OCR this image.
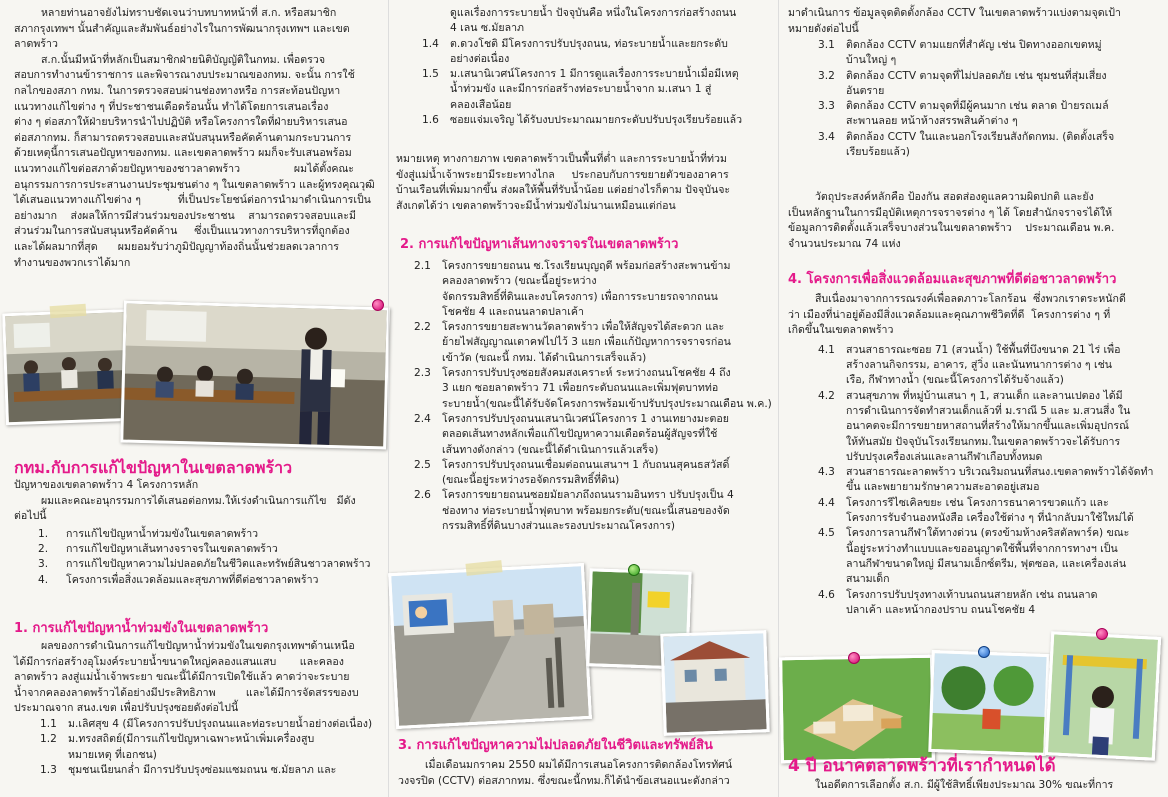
หลายท่านอาจยังไม่ทราบชัดเจนว่าบทบาทหน้าที่ ส.ก. หรือสมาชิก

สภากรุงเทพฯ นั้นสำคัญและสัมพันธ์อย่างไรในการพัฒนากรุงเทพฯ และเขต

ลาดพร้าว

ส.ก.นั้นมีหน้าที่หลักเป็นสมาชิกฝ่ายนิติบัญญัติในกทม. เพื่อตรวจ

สอบการทำงานข้าราชการ และพิจารณางบประมาณของกทม. จะนั้น การใช้

กลไกของสภา กทม. ในการตรวจสอบผ่านช่องทางหรือ การสะท้อนปัญหา

แนวทางแก้ไขต่าง ๆ ที่ประชาชนเดือดร้อนนั้น ทำได้โดยการเสนอเรื่อง

ต่าง ๆ ต่อสภาให้ฝ่ายบริหารนำไปปฏิบัติ หรือโครงการใดที่ฝ่ายบริหารเสนอ

ต่อสภากทม. ก็สามารถตรวจสอบและสนับสนุนหรือคัดค้านตามกระบวนการ

ด้วยเหตุนี้การเสนอปัญหาของกทม. และเขตลาดพร้าว ผมก็จะรับเสนอพร้อม

แนวทางแก้ไขต่อสภาด้วยปัญหาของชาวลาดพร้าว                ผมได้ตั้งคณะ

อนุกรรมการการประสานงานประชุมชนต่าง ๆ ในเขตลาดพร้าว และผู้ทรงคุณวุฒิ

ได้เสนอแนวทางแก้ไขต่าง ๆ           ที่เป็นประโยชน์ต่อการนำมาดำเนินการเป็น

อย่างมาก    ส่งผลให้การมีส่วนร่วมของประชาชน    สามารถตรวจสอบและมี

ส่วนร่วมในการสนับสนุนหรือคัดค้าน     ซึ่งเป็นแนวทางการบริหารที่ถูกต้อง

และได้ผลมากที่สุด      ผมยอมรับว่าภูมิปัญญาท้องถิ่นนั้นช่วยลดเวลาการ

ทำงานของพวกเราได้มาก

กทม.กับการแก้ไขปัญหาในเขตลาดพร้าว

ปัญหาของเขตลาดพร้าว 4 โครงการหลัก

ผมและคณะอนุกรรมการได้เสนอต่อกทม.ให้เร่งดำเนินการแก้ไข   มีดัง

ต่อไปนี้

1. การแก้ไขปัญหาน้ำท่วมขังในเขตลาดพร้าว
2. การแก้ไขปัญหาเส้นทางจราจรในเขตลาดพร้าว
3. การแก้ไขปัญหาความไม่ปลอดภัยในชีวิตและทรัพย์สินชาวลาดพร้าว
4. โครงการเพื่อสิ่งแวดล้อมและสุขภาพที่ดีต่อชาวลาดพร้าว

1. การแก้ไขปัญหาน้ำท่วมขังในเขตลาดพร้าว

ผลของการดำเนินการแก้ไขปัญหาน้ำท่วมขังในเขตกรุงเทพฯด้านเหนือ

ได้มีการก่อสร้างอุโมงค์ระบายน้ำขนาดใหญ่คลองแสนแสบ       และคลอง

ลาดพร้าว ลงสู่แม่น้ำเจ้าพระยา ขณะนี้ได้มีการเปิดใช้แล้ว คาดว่าจะระบาย

น้ำจากคลองลาดพร้าวได้อย่างมีประสิทธิภาพ         และได้มีการจัดสรรของบ

ประมาณจาก สนง.เขต เพื่อปรับปรุงซอยดังต่อไปนี้

1.1 ม.เลิศสุข 4 (มีโครงการปรับปรุงถนนและท่อระบายน้ำอย่างต่อเนื่อง)
1.2 ม.ทรงสถิตย์(มีการแก้ไขปัญหาเฉพาะหน้าเพิ่มเครื่องสูบ
หมายเหตุ ที่เอกชน)
1.3 ชุมชนเนียนกล่ำ มีการปรับปรุงซ่อมแซมถนน ซ.มัยลาภ และ
ดูแลเรื่องการระบายน้ำ ปัจจุบันคือ หนึ่งในโครงการก่อสร้างถนน
4 เลน ซ.มัยลาภ
1.4 ต.ดวงโชติ มีโครงการปรับปรุงถนน, ท่อระบายน้ำและยกระดับ
อย่างต่อเนื่อง
1.5 ม.เสนานิเวศน์โครงการ 1 มีการดูแลเรื่องการระบายน้ำเมื่อมีเหตุ
น้ำท่วมขัง และมีการก่อสร้างท่อระบายน้ำจาก ม.เสนา 1 สู่
คลองเสือน้อย
1.6 ซอยแจ่มเจริญ ได้รับงบประมาณมายกระดับปรับปรุงเรียบร้อยแล้ว

หมายเหตุ ทางกายภาพ เขตลาดพร้าวเป็นพื้นที่ต่ำ และการระบายน้ำที่ท่วม

ขังสู่แม่น้ำเจ้าพระยามีระยะทางไกล     ประกอบกับการขยายตัวของอาคาร

บ้านเรือนที่เพิ่มมากขึ้น ส่งผลให้พื้นที่รับน้ำน้อย แต่อย่างไรก็ตาม ปัจจุบันจะ

สังเกตได้ว่า เขตลาดพร้าวจะมีน้ำท่วมขังไม่นานเหมือนแต่ก่อน

2. การแก้ไขปัญหาเส้นทางจราจรในเขตลาดพร้าว

2.1 โครงการขยายถนน ซ.โรงเรียนบุญฤดี พร้อมก่อสร้างสะพานข้าม
คลองลาดพร้าว (ขณะนี้อยู่ระหว่าง
จัดกรรมสิทธิ์ที่ดินและงบโครงการ) เพื่อการระบายรถจากถนน
โชคชัย 4 และถนนลาดปลาเค้า
2.2 โครงการขยายสะพานวัดลาดพร้าว เพื่อให้สัญจรได้สะดวก และ
ย้ายไฟสัญญาณเตาคฟไปไว้ 3 แยก เพื่อแก้ปัญหาการจราจรก่อน
เข้าวัด (ขณะนี้ กทม. ได้ดำเนินการเสร็จแล้ว)
2.3 โครงการปรับปรุงซอยสังคมสงเคราะห์ ระหว่างถนนโชคชัย 4 ถึง
3 แยก ซอยลาดพร้าว 71 เพื่อยกระดับถนนและเพิ่มฟุตบาทท่อ
ระบายน้ำ(ขณะนี้ได้รับจัดโครงการพร้อมเข้าปรับปรุงประมาณเดือน พ.ค.)
2.4 โครงการปรับปรุงถนนเสนานิเวศน์โครงการ 1 งานเทยางมะตอย
ตลอดเส้นทางหลักเพื่อแก้ไขปัญหาความเดือดร้อนผู้สัญจรที่ใช้
เส้นทางดังกล่าว (ขณะนี้ได้ดำเนินการแล้วเสร็จ)
2.5 โครงการปรับปรุงถนนเชื่อมต่อถนนเสนาฯ 1 กับถนนสุคนธสวัสดิ์
(ขณะนี้อยู่ระหว่างรอจัดกรรมสิทธิ์ที่ดิน)
2.6 โครงการขยายถนนซอยมัยลาภถึงถนนรามอินทรา ปรับปรุงเป็น 4
ช่องทาง ท่อระบายน้ำฟุตบาท พร้อมยกระดับ(ขณะนี้เสนอของจัด
กรรมสิทธิ์ที่ดินบางส่วนและรองบประมาณโครงการ)

3. การแก้ไขปัญหาความไม่ปลอดภัยในชีวิตและทรัพย์สิน

เมื่อเดือนมกราคม 2550 ผมได้มีการเสนอโครงการติดกล้องโทรทัศน์

วงจรปิด (CCTV) ต่อสภากทม. ซึ่งขณะนี้กทม.ก็ได้นำข้อเสนอแนะดังกล่าว

มาดำเนินการ ข้อมูลจุดติดตั้งกล้อง CCTV ในเขตลาดพร้าวแบ่งตามจุดเป้า

หมายดังต่อไปนี้

3.1 ติดกล้อง CCTV ตามแยกที่สำคัญ เช่น ปิดทางออกเขตหมู่
บ้านใหญ่ ๆ
3.2 ติดกล้อง CCTV ตามจุดที่ไม่ปลอดภัย เช่น ชุมชนที่สุ่มเสี่ยง
อันตราย
3.3 ติดกล้อง CCTV ตามจุดที่มีผู้คนมาก เช่น ตลาด ป้ายรถเมล์
สะพานลอย หน้าห้างสรรพสินค้าต่าง ๆ
3.4 ติดกล้อง CCTV ในและนอกโรงเรียนสังกัดกทม. (ติดตั้งเสร็จ
เรียบร้อยแล้ว)

วัตถุประสงค์หลักคือ ป้องกัน สอดส่องดูแลความผิดปกติ และยัง

เป็นหลักฐานในการมีอุบัติเหตุการจราจรต่าง ๆ ได้ โดยสำนักจราจรได้ให้

ข้อมูลการติดตั้งแล้วเสร็จบางส่วนในเขตลาดพร้าว    ประมาณเดือน พ.ค.

จำนวนประมาณ 74 แห่ง

4. โครงการเพื่อสิ่งแวดล้อมและสุขภาพที่ดีต่อชาวลาดพร้าว

สืบเนื่องมาจากการรณรงค์เพื่อลดภาวะโลกร้อน  ซึ่งพวกเราตระหนักดี

ว่า เมืองที่น่าอยู่ต้องมีสิ่งแวดล้อมและคุณภาพชีวิตที่ดี  โครงการต่าง ๆ ที่

เกิดขึ้นในเขตลาดพร้าว

4.1 สวนสาธารณะซอย 71 (สวนน้ำ) ใช้พื้นที่บึงขนาด 21 ไร่ เพื่อ
สร้างลานกิจกรรม, อาคาร, สู่วิ่ง และนันทนาการต่าง ๆ เช่น
เรือ, กีฬาทางน้ำ (ขณะนี้โครงการได้รับจ้างแล้ว)
4.2 สวนสุขภาพ ที่หมู่บ้านเสนา ๆ 1, สวนเด็ก และลานเปตอง ได้มี
การดำเนินการจัดทำสวนเด็กแล้วที่ ม.ราณี 5 และ ม.สวนสี่ง ใน
อนาคตจะมีการขยายหาสถานที่สร้างให้มากขึ้นและเพิ่มอุปกรณ์
ให้ทันสมัย ปัจจุบันโรงเรียนกทม.ในเขตลาดพร้าวจะได้รับการ
ปรับปรุงเครื่องเล่นและลานกีฬาเกือบทั้งหมด
4.3 สวนสาธารณะลาดพร้าว บริเวณริมถนนที่สนง.เขตลาดพร้าวได้จัดทำ
ขึ้น และพยายามรักษาความสะอาดอยู่เสมอ
4.4 โครงการรีไซเคิลขยะ เช่น โครงการธนาคารขวดแก้ว และ
โครงการรับจำนองหนังสือ เครื่องใช้ต่าง ๆ ที่นำกลับมาใช้ใหม่ได้
4.5 โครงการลานกีฬาใต้ทางด่วน (ตรงข้ามห้างคริสตัลพาร์ค) ขณะ
นี้อยู่ระหว่างทำแบบและขออนุญาตใช้พื้นที่จากการทางฯ เป็น
ลานกีฬาขนาดใหญ่ มีสนามเอ็กซ์ตรีม, ฟุตซอล, และเครื่องเล่น
สนามเด็ก
4.6 โครงการปรับปรุงทางเท้าบนถนนสายหลัก เช่น ถนนลาด
ปลาเค้า และหน้ากองปราบ ถนนโชคชัย 4

4 ปี อนาคตลาดพร้าวที่เรากำหนดได้

ในอดีตการเลือกตั้ง ส.ก. มีผู้ใช้สิทธิ์เพียงประมาณ 30% ขณะที่การ
